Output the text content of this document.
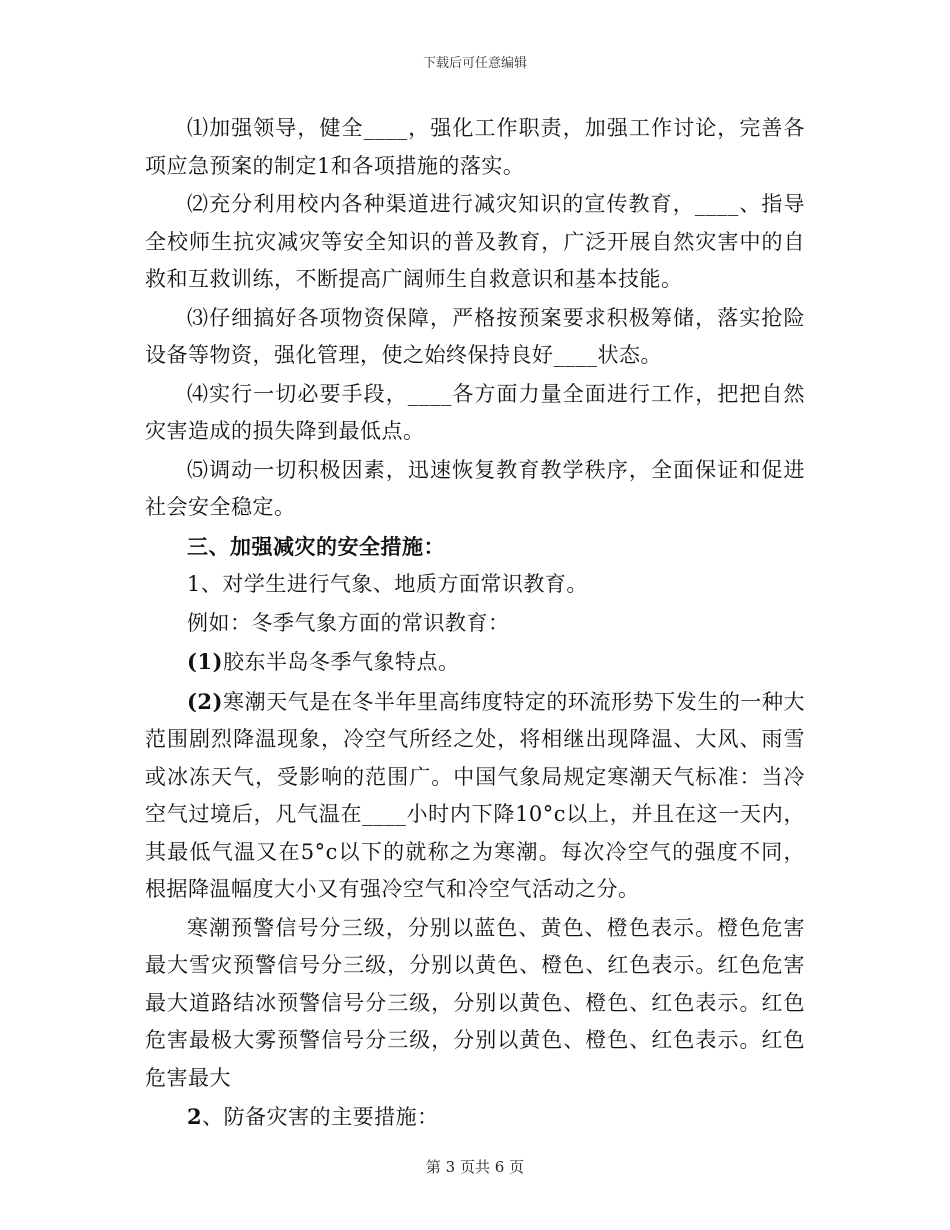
下载后可任意编辑

⑴加强领导，健全____，强化工作职责，加强工作讨论，完善各项应急预案的制定1和各项措施的落实。

⑵充分利用校内各种渠道进行减灾知识的宣传教育，____、指导全校师生抗灾减灾等安全知识的普及教育，广泛开展自然灾害中的自救和互救训练，不断提高广阔师生自救意识和基本技能。

⑶仔细搞好各项物资保障，严格按预案要求积极筹储，落实抢险设备等物资，强化管理，使之始终保持良好____状态。

⑷实行一切必要手段，____各方面力量全面进行工作，把把自然灾害造成的损失降到最低点。

⑸调动一切积极因素，迅速恢复教育教学秩序，全面保证和促进社会安全稳定。

三、加强减灾的安全措施：

1、对学生进行气象、地质方面常识教育。

例如：冬季气象方面的常识教育：

(1)胶东半岛冬季气象特点。

(2)寒潮天气是在冬半年里高纬度特定的环流形势下发生的一种大范围剧烈降温现象，冷空气所经之处，将相继出现降温、大风、雨雪或冰冻天气，受影响的范围广。中国气象局规定寒潮天气标准：当冷空气过境后，凡气温在____小时内下降10°c以上，并且在这一天内，其最低气温又在5°c以下的就称之为寒潮。每次冷空气的强度不同，根据降温幅度大小又有强冷空气和冷空气活动之分。

寒潮预警信号分三级，分别以蓝色、黄色、橙色表示。橙色危害最大雪灾预警信号分三级，分别以黄色、橙色、红色表示。红色危害最大道路结冰预警信号分三级，分别以黄色、橙色、红色表示。红色危害最极大雾预警信号分三级，分别以黄色、橙色、红色表示。红色危害最大

2、防备灾害的主要措施：

第 3 页共 6 页
